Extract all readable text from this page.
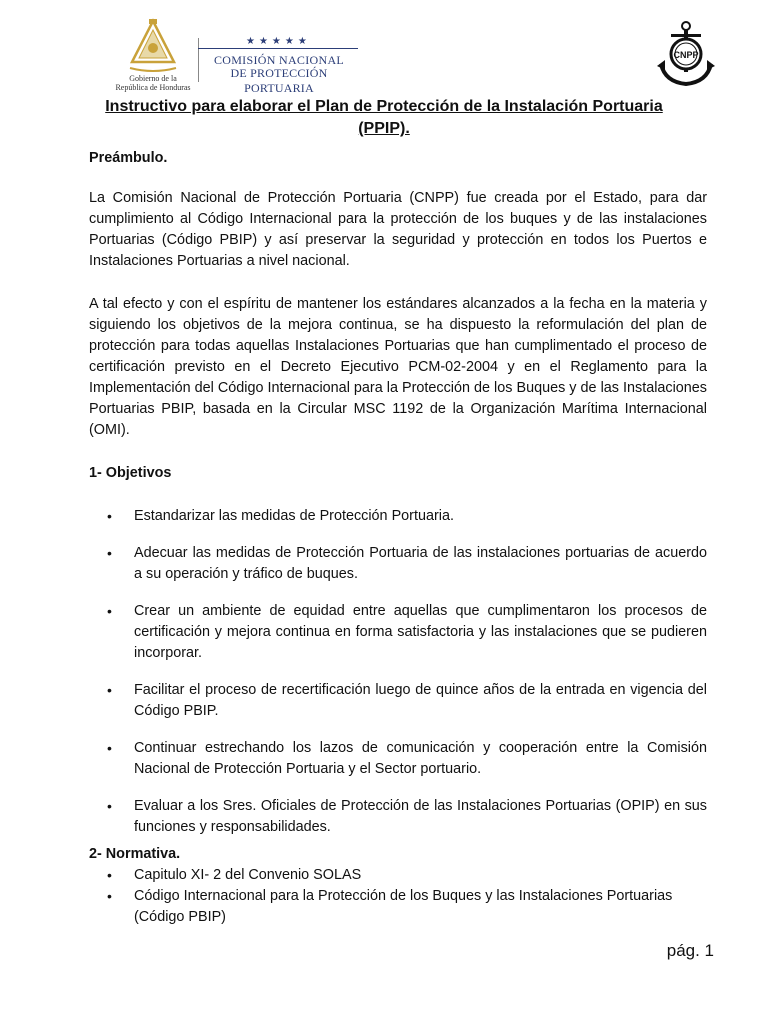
Gobierno de la
República de Honduras
★★★★★
COMISIÓN NACIONAL
DE PROTECCIÓN PORTUARIA
CNPP
Instructivo para elaborar el Plan de Protección de la Instalación Portuaria (PPIP).
Preámbulo.

La Comisión Nacional de Protección Portuaria (CNPP) fue creada por el Estado, para dar cumplimiento al Código Internacional para la protección de los buques y de las instalaciones Portuarias (Código PBIP) y así preservar la seguridad y protección en todos los Puertos e Instalaciones Portuarias a nivel nacional.

A tal efecto y con el espíritu de mantener los estándares alcanzados a la fecha en la materia y siguiendo los objetivos de la mejora continua, se ha dispuesto la reformulación del plan de protección para todas aquellas Instalaciones Portuarias que han cumplimentado el proceso de certificación previsto en el Decreto Ejecutivo PCM-02-2004 y en el Reglamento para la Implementación del Código Internacional para la Protección de los Buques y de las Instalaciones Portuarias PBIP, basada en la Circular MSC 1192 de la Organización Marítima Internacional (OMI).

1- Objetivos
• Estandarizar las medidas de Protección Portuaria.
• Adecuar las medidas de Protección Portuaria de las instalaciones portuarias de acuerdo a su operación y tráfico de buques.
• Crear un ambiente de equidad entre aquellas que cumplimentaron los procesos de certificación y mejora continua en forma satisfactoria y las instalaciones que se pudieren incorporar.
• Facilitar el proceso de recertificación luego de quince años de la entrada en vigencia del Código PBIP.
• Continuar estrechando los lazos de comunicación y cooperación entre la Comisión Nacional de Protección Portuaria y el Sector portuario.
• Evaluar a los Sres. Oficiales de Protección de las Instalaciones Portuarias (OPIP) en sus funciones y responsabilidades.
2- Normativa.
• Capitulo XI- 2 del Convenio SOLAS
• Código Internacional para la Protección de los Buques y las Instalaciones Portuarias (Código PBIP)
pág. 1
